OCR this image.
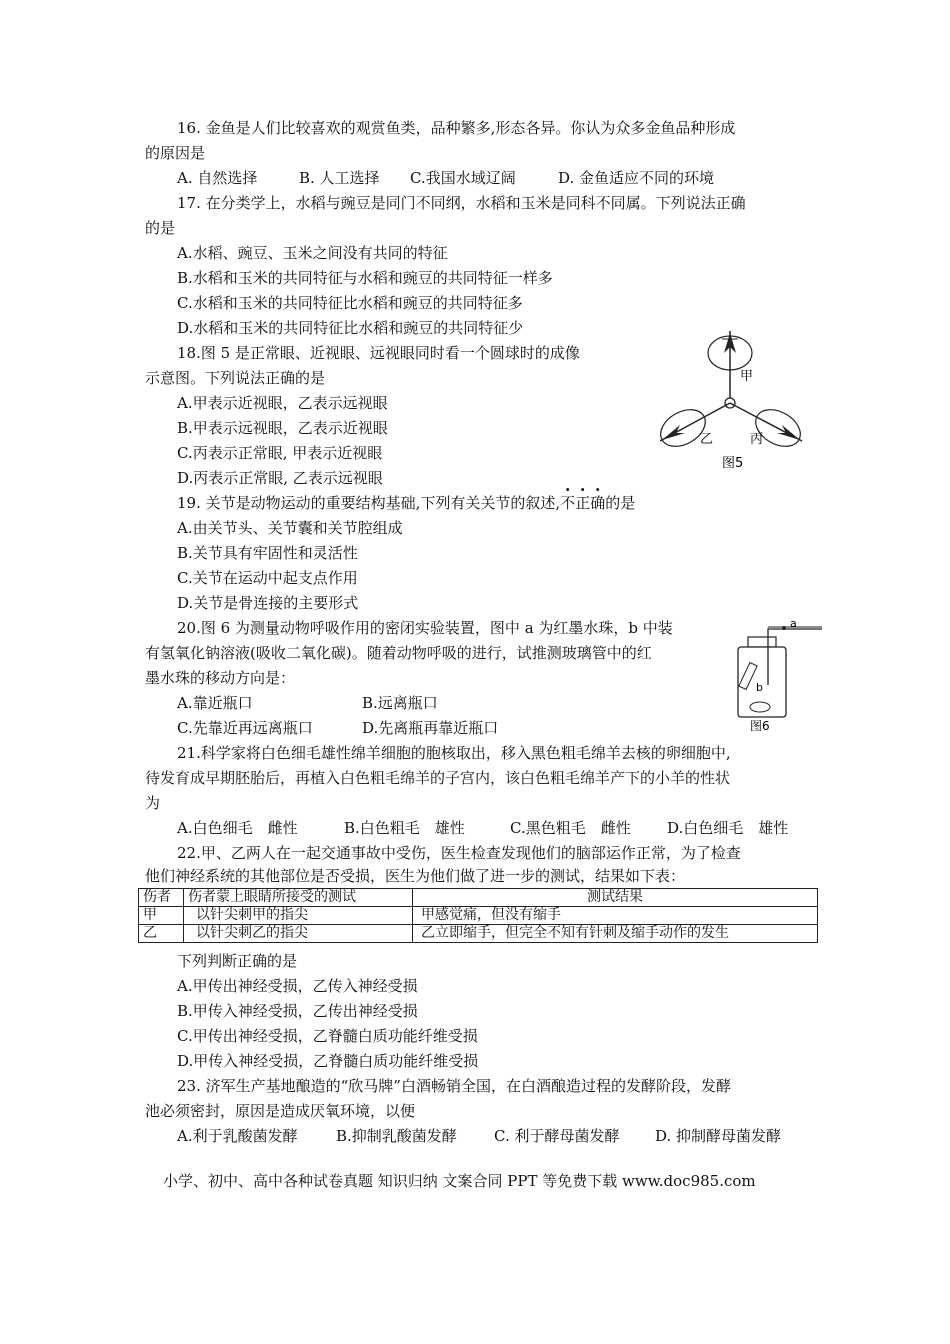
16. 金鱼是人们比较喜欢的观赏鱼类，品种繁多,形态各异。你认为众多金鱼品种形成
的原因是
A. 自然选择	B. 人工选择 C.我国水域辽阔	D. 金鱼适应不同的环境
17. 在分类学上，水稻与豌豆是同门不同纲，水稻和玉米是同科不同属。下列说法正确
的是
A.水稻、豌豆、玉米之间没有共同的特征
B.水稻和玉米的共同特征与水稻和豌豆的共同特征一样多
C.水稻和玉米的共同特征比水稻和豌豆的共同特征多
D.水稻和玉米的共同特征比水稻和豌豆的共同特征少
18.图 5 是正常眼、近视眼、远视眼同时看一个圆球时的成像
示意图。下列说法正确的是
A.甲表示近视眼，乙表示远视眼
B.甲表示远视眼，乙表示近视眼
C.丙表示正常眼, 甲表示近视眼
D.丙表示正常眼, 乙表示远视眼
甲
乙	丙
图5
19. 关节是动物运动的重要结构基础,下列有关关节的叙述,不正确的是
A.由关节头、关节囊和关节腔组成
B.关节具有牢固性和灵活性
C.关节在运动中起支点作用
D.关节是骨连接的主要形式
20.图 6 为测量动物呼吸作用的密闭实验装置，图中 a 为红墨水珠，b 中装
有氢氧化钠溶液(吸收二氧化碳)。随着动物呼吸的进行，试推测玻璃管中的红
墨水珠的移动方向是：
A.靠近瓶口	B.远离瓶口
C.先靠近再远离瓶口	D.先离瓶再靠近瓶口
a
b
图6
21.科学家将白色细毛雄性绵羊细胞的胞核取出，移入黑色粗毛绵羊去核的卵细胞中,
待发育成早期胚胎后，再植入白色粗毛绵羊的子宫内，该白色粗毛绵羊产下的小羊的性状
为
A.白色细毛　雌性	B.白色粗毛　雄性	C.黑色粗毛　雌性 D.白色细毛　雄性
22.甲、乙两人在一起交通事故中受伤，医生检查发现他们的脑部运作正常，为了检查
他们神经系统的其他部位是否受损，医生为他们做了进一步的测试，结果如下表：
伤者	伤者蒙上眼睛所接受的测试	测试结果
甲	以针尖刺甲的指尖	甲感觉痛，但没有缩手
乙	以针尖刺乙的指尖	乙立即缩手，但完全不知有针刺及缩手动作的发生
下列判断正确的是
A.甲传出神经受损，乙传入神经受损
B.甲传入神经受损，乙传出神经受损
C.甲传出神经受损，乙脊髓白质功能纤维受损
D.甲传入神经受损，乙脊髓白质功能纤维受损
23. 济军生产基地酿造的“欣马牌”白酒畅销全国，在白酒酿造过程的发酵阶段，发酵
池必须密封，原因是造成厌氧环境，以便
A.利于乳酸菌发酵	B.抑制乳酸菌发酵 C. 利于酵母菌发酵 D. 抑制酵母菌发酵
小学、初中、高中各种试卷真题 知识归纳 文案合同 PPT 等免费下载 www.doc985.com
